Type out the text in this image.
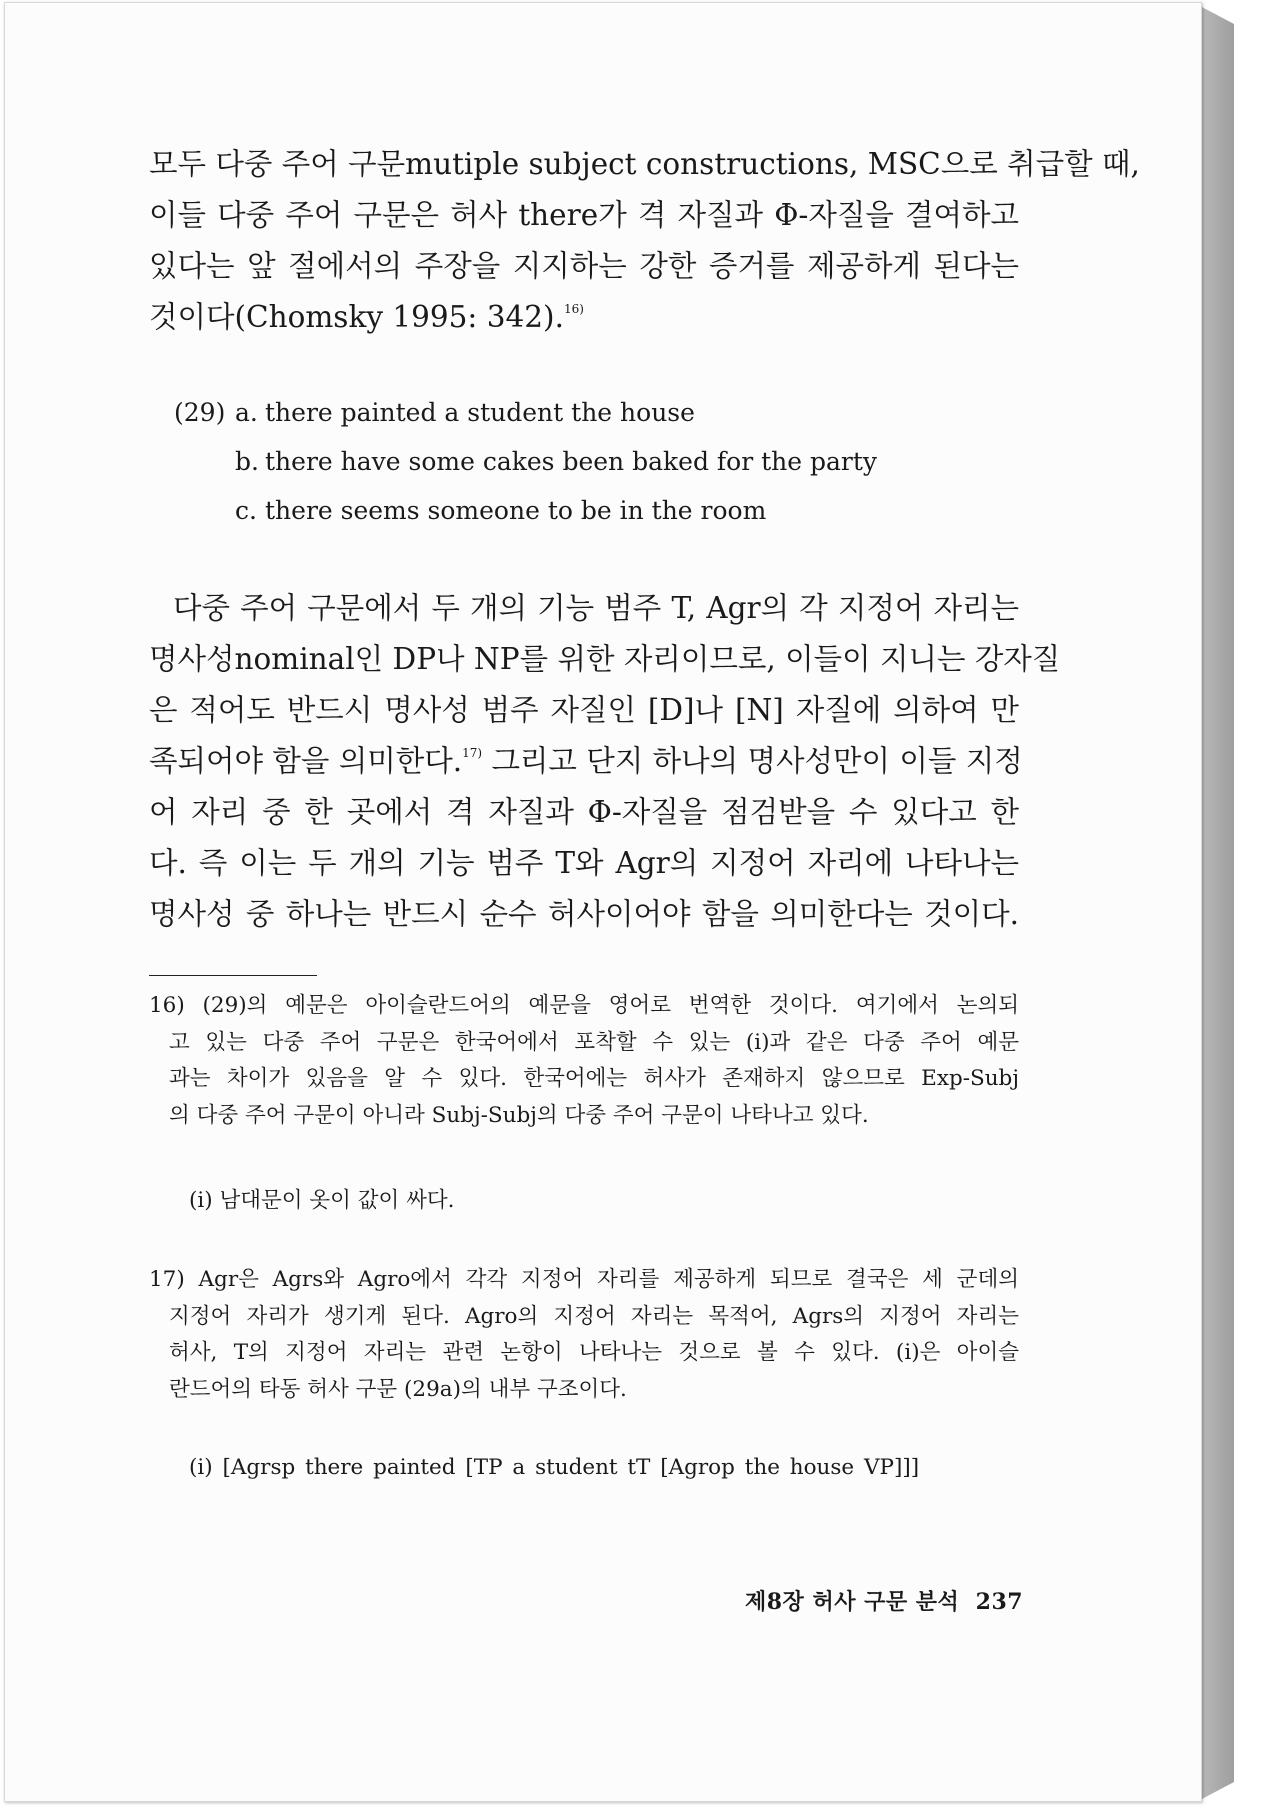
모두 다중 주어 구문mutiple subject constructions, MSC으로 취급할 때,
이들 다중 주어 구문은 허사 there가 격 자질과 Φ-자질을 결여하고
있다는 앞 절에서의 주장을 지지하는 강한 증거를 제공하게 된다는
것이다(Chomsky 1995: 342).$^{16)}$
(29) a. there painted a student the house
b. there have some cakes been baked for the party
c. there seems someone to be in the room
다중 주어 구문에서 두 개의 기능 범주 T, Agr의 각 지정어 자리는
명사성nominal인 DP나 NP를 위한 자리이므로, 이들이 지니는 강자질
은 적어도 반드시 명사성 범주 자질인 [D]나 [N] 자질에 의하여 만
족되어야 함을 의미한다.$^{17)}$ 그리고 단지 하나의 명사성만이 이들 지정
어 자리 중 한 곳에서 격 자질과 Φ-자질을 점검받을 수 있다고 한
다. 즉 이는 두 개의 기능 범주 T와 Agr의 지정어 자리에 나타나는
명사성 중 하나는 반드시 순수 허사이어야 함을 의미한다는 것이다.
16) (29)의 예문은 아이슬란드어의 예문을 영어로 번역한 것이다. 여기에서 논의되
고 있는 다중 주어 구문은 한국어에서 포착할 수 있는 (i)과 같은 다중 주어 예문
과는 차이가 있음을 알 수 있다. 한국어에는 허사가 존재하지 않으므로 Exp-Subj
의 다중 주어 구문이 아니라 Subj-Subj의 다중 주어 구문이 나타나고 있다.
(i) 남대문이 옷이 값이 싸다.
17) Agr은 Agrs와 Agro에서 각각 지정어 자리를 제공하게 되므로 결국은 세 군데의
지정어 자리가 생기게 된다. Agro의 지정어 자리는 목적어, Agrs의 지정어 자리는
허사, T의 지정어 자리는 관련 논항이 나타나는 것으로 볼 수 있다. (i)은 아이슬
란드어의 타동 허사 구문 (29a)의 내부 구조이다.
(i) [Agrsp there painted [TP a student tT [Agrop the house VP]]]
제8장 허사 구문 분석 237
